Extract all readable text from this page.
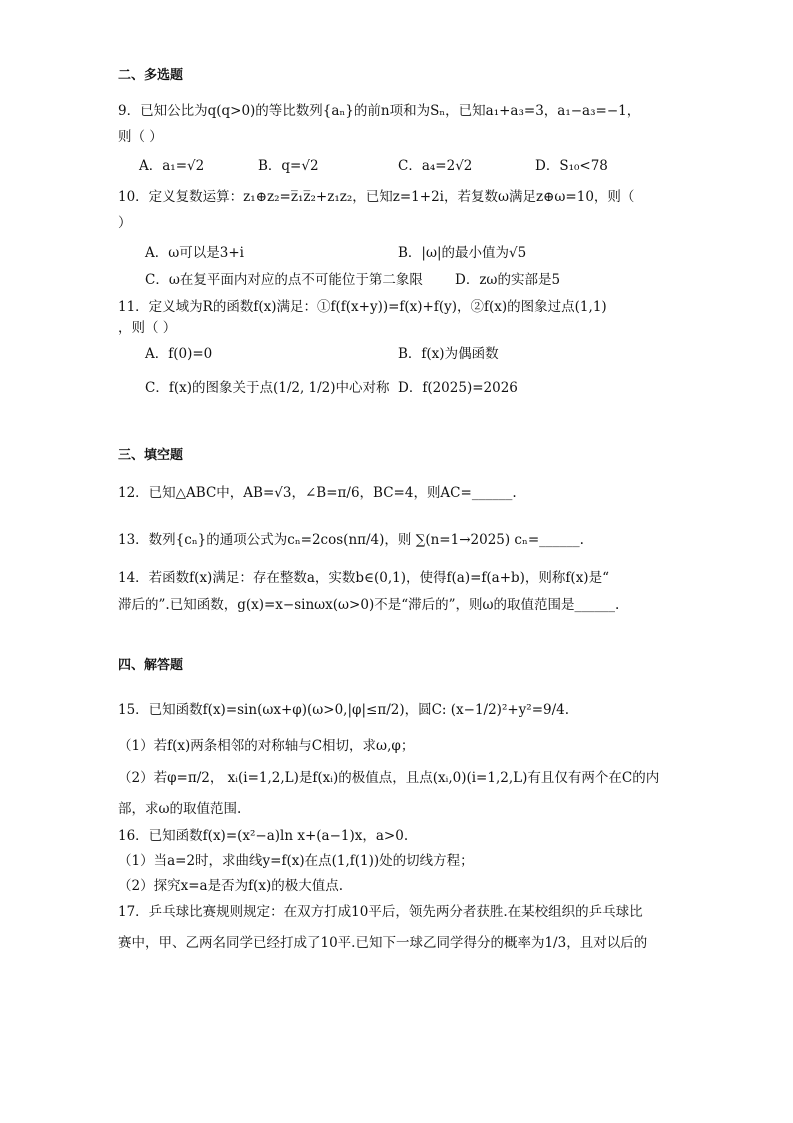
二、多选题
9．已知公比为q(q>0)的等比数列{aₙ}的前n项和为Sₙ，已知a₁+a₃=3，a₁−a₃=−1，
则（ ）
A．a₁=√2	B．q=√2	C．a₄=2√2	D．S₁₀<78
10．定义复数运算：z₁⊕z₂=z̅₁z̅₂+z₁z₂，已知z=1+2i，若复数ω满足z⊕ω=10，则（
）
A．ω可以是3+i	B．|ω|的最小值为√5
C．ω在复平面内对应的点不可能位于第二象限 D．zω的实部是5
11．定义域为R的函数f(x)满足：①f(f(x+y))=f(x)+f(y)，②f(x)的图象过点(1,1)
，则（ ）
A．f(0)=0	B．f(x)为偶函数
C．f(x)的图象关于点(1/2, 1/2)中心对称 D．f(2025)=2026
三、填空题
12．已知△ABC中，AB=√3，∠B=π/6，BC=4，则AC=______.
13．数列{cₙ}的通项公式为cₙ=2cos(nπ/4)，则 ∑(n=1→2025) cₙ=______.
14．若函数f(x)满足：存在整数a，实数b∈(0,1)，使得f(a)=f(a+b)，则称f(x)是“
滞后的”.已知函数，g(x)=x−sinωx(ω>0)不是“滞后的”，则ω的取值范围是______.
四、解答题
15．已知函数f(x)=sin(ωx+φ)(ω>0,|φ|≤π/2)，圆C: (x−1/2)²+y²=9/4.
（1）若f(x)两条相邻的对称轴与C相切，求ω,φ；
（2）若φ=π/2， xᵢ(i=1,2,L)是f(xᵢ)的极值点，且点(xᵢ,0)(i=1,2,L)有且仅有两个在C的内
部，求ω的取值范围.
16．已知函数f(x)=(x²−a)ln x+(a−1)x，a>0.
（1）当a=2时，求曲线y=f(x)在点(1,f(1))处的切线方程；
（2）探究x=a是否为f(x)的极大值点.
17．乒乓球比赛规则规定：在双方打成10平后，领先两分者获胜.在某校组织的乒乓球比
赛中，甲、乙两名同学已经打成了10平.已知下一球乙同学得分的概率为1/3，且对以后的
